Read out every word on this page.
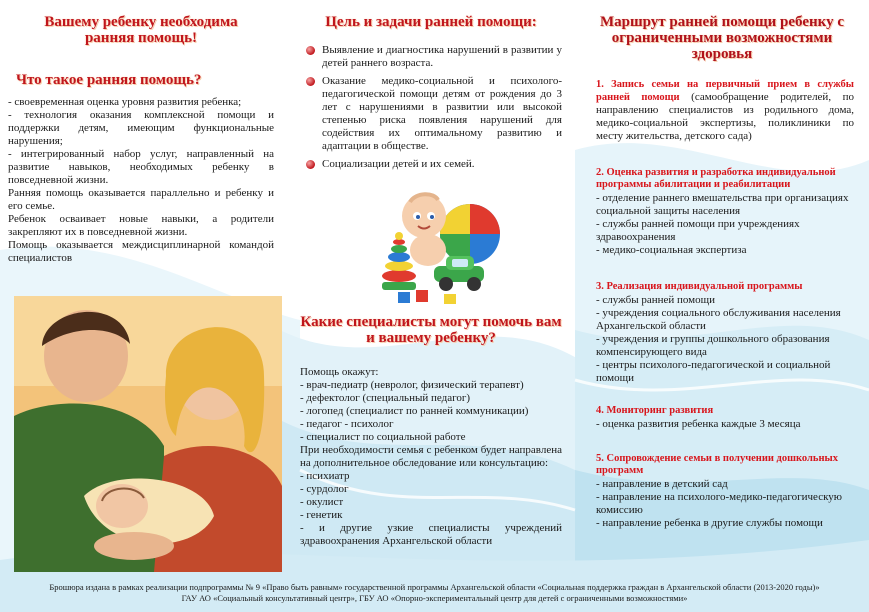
Вашему ребенку необходима ранняя помощь!
Что такое ранняя помощь?

- своевременная оценка уровня развития ребенка;

- технология оказания комплексной помощи и поддержки детям, имеющим функциональные нарушения;

- интегрированный набор услуг, направленный на развитие навыков, необходимых ребенку в повседневной жизни.

Ранняя помощь оказывается параллельно и ребенку и его семье.

Ребенок осваивает новые навыки, а родители закрепляют их в повседневной жизни.

Помощь оказывается междисциплинарной командой специалистов

Цель и задачи ранней помощи:
Выявление и диагностика нарушений в развитии у детей раннего возраста.
Оказание медико-социальной и психолого-педагогической помощи детям от рождения до 3 лет с нарушениями в развитии или высокой степенью риска появления нарушений для содействия их оптимальному развитию и адаптации в обществе.
Социализации детей и их семей.
Какие специалисты могут помочь вам и вашему ребенку?

Помощь окажут:

- врач-педиатр (невролог, физический терапевт)

- дефектолог (специальный педагог)

- логопед (специалист по ранней коммуникации)

- педагог - психолог

- специалист по социальной работе

При необходимости семья с ребенком будет направлена на дополнительное обследование или консультацию:

- психиатр

- сурдолог

- окулист

- генетик

- и другие узкие специалисты учреждений здравоохранения Архангельской области

Маршрут ранней помощи ребенку с ограниченными возможностями здоровья
1. Запись семьи на первичный прием в службы ранней помощи (самообращение родителей, по направлению специалистов из родильного дома, медико-социальной экспертизы, поликлиники по месту жительства, детского сада)
2. Оценка развития и разработка индивидуальной программы абилитации и реабилитации

- отделение раннего вмешательства при организациях социальной защиты населения

- службы ранней помощи при учреждениях здравоохранения

- медико-социальная экспертиза

3. Реализация индивидуальной программы

- службы ранней помощи

- учреждения социального обслуживания населения Архангельской области

- учреждения и группы дошкольного образования компенсирующего вида

- центры психолого-педагогической и социальной помощи

4. Мониторинг развития

- оценка развития ребенка каждые 3 месяца

5. Сопровождение семьи в получении дошкольных программ

- направление в детский сад

- направление на психолого-медико-педагогическую комиссию

- направление ребенка в другие службы помощи

Брошюра издана в рамках реализации подпрограммы № 9 «Право быть равным» государственной программы Архангельской области «Социальная поддержка граждан в Архангельской области (2013-2020 годы)»

ГАУ АО «Социальный консультативный центр», ГБУ АО «Опорно-экспериментальный центр для детей с ограниченными возможностями»
